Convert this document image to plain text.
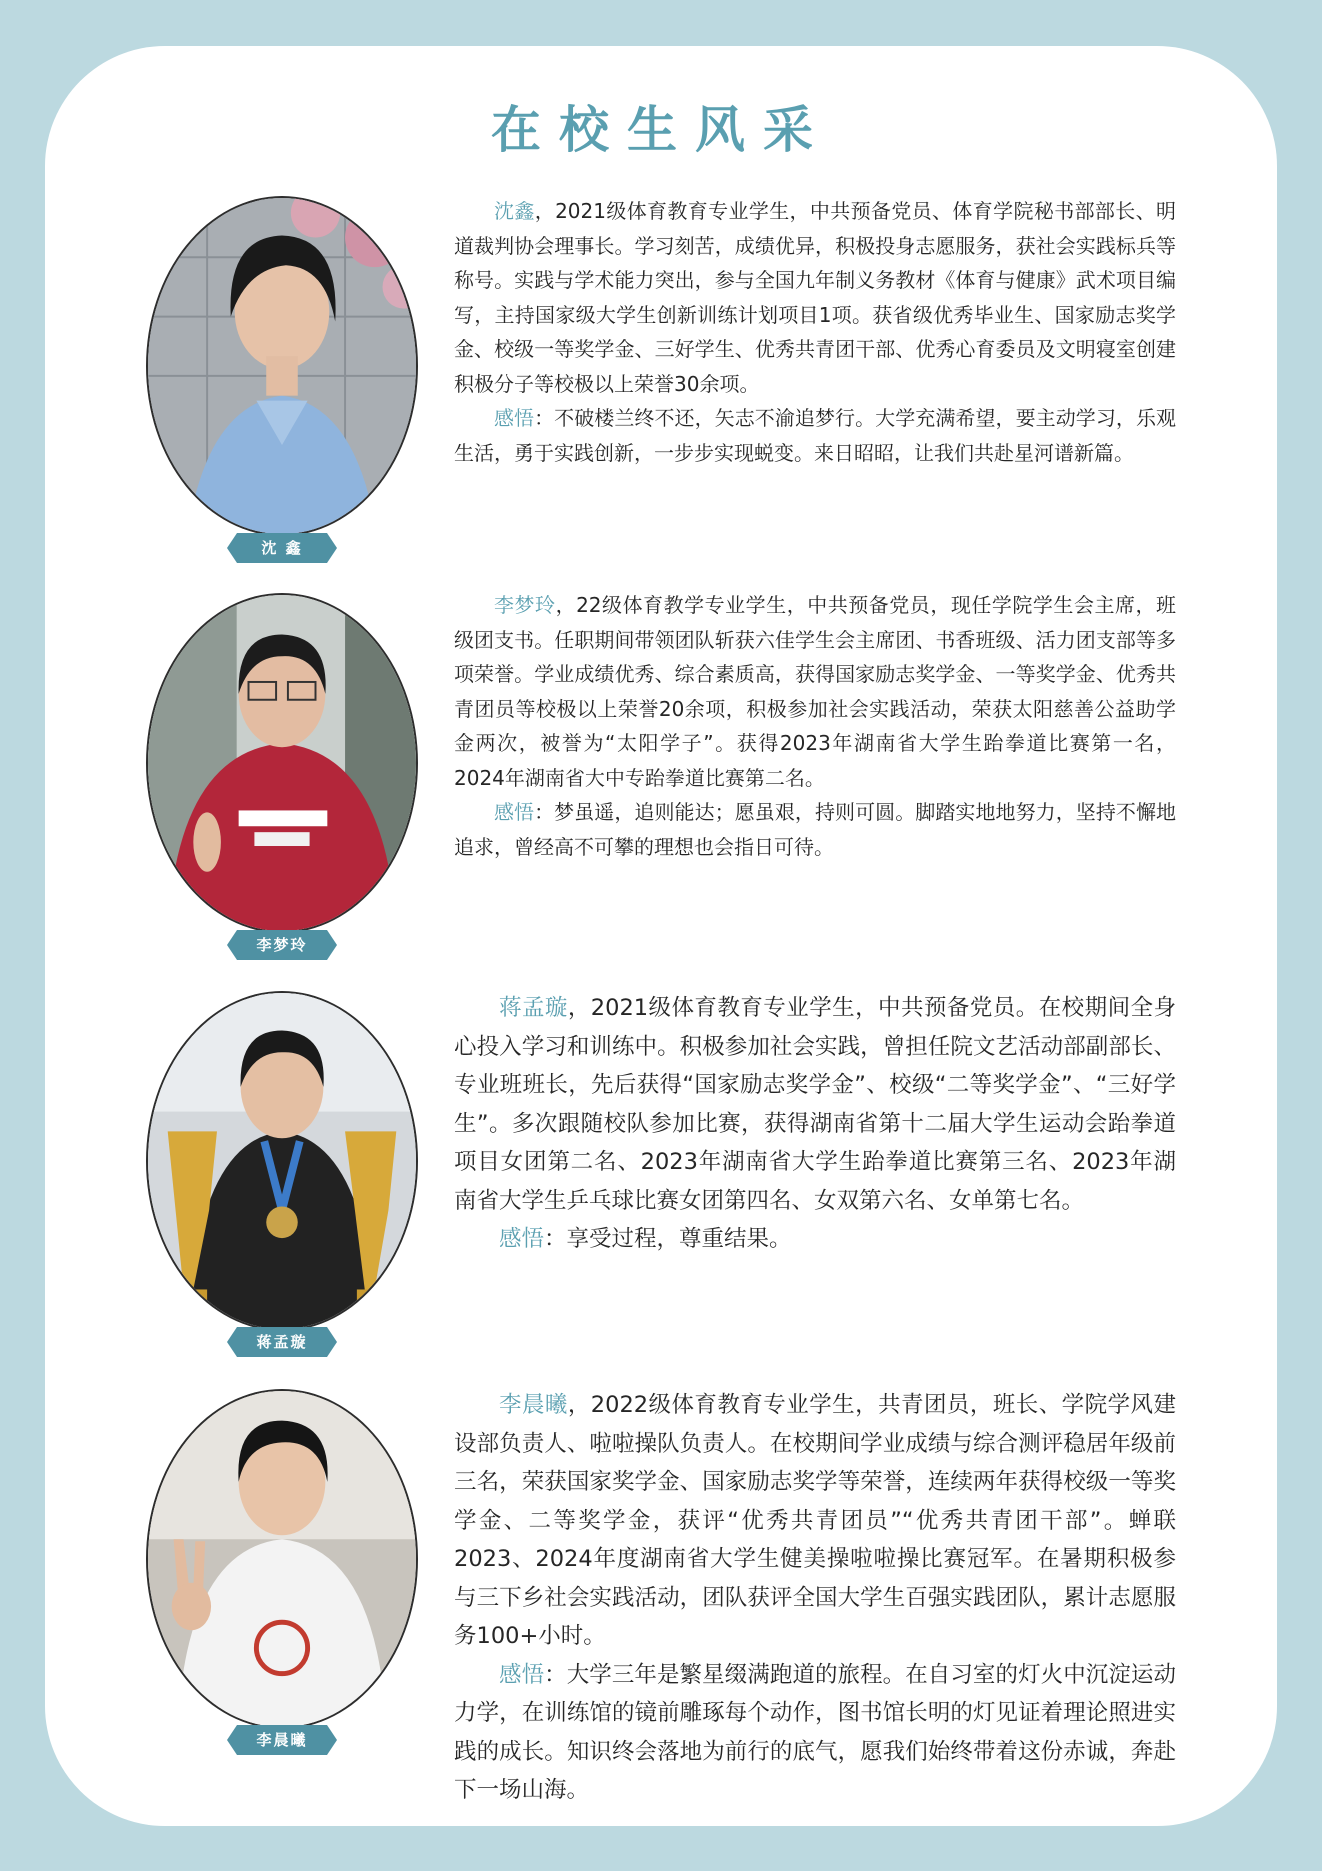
在校生风采
沈 鑫

沈鑫，2021级体育教育专业学生，中共预备党员、体育学院秘书部部长、明道裁判协会理事长。学习刻苦，成绩优异，积极投身志愿服务，获社会实践标兵等称号。实践与学术能力突出，参与全国九年制义务教材《体育与健康》武术项目编写，主持国家级大学生创新训练计划项目1项。获省级优秀毕业生、国家励志奖学金、校级一等奖学金、三好学生、优秀共青团干部、优秀心育委员及文明寝室创建积极分子等校极以上荣誉30余项。

感悟：不破楼兰终不还，矢志不渝追梦行。大学充满希望，要主动学习，乐观生活，勇于实践创新，一步步实现蜕变。来日昭昭，让我们共赴星河谱新篇。

李梦玲

李梦玲，22级体育教学专业学生，中共预备党员，现任学院学生会主席，班级团支书。任职期间带领团队斩获六佳学生会主席团、书香班级、活力团支部等多项荣誉。学业成绩优秀、综合素质高，获得国家励志奖学金、一等奖学金、优秀共青团员等校极以上荣誉20余项，积极参加社会实践活动，荣获太阳慈善公益助学金两次，被誉为“太阳学子”。获得2023年湖南省大学生跆拳道比赛第一名，2024年湖南省大中专跆拳道比赛第二名。

感悟：梦虽遥，追则能达；愿虽艰，持则可圆。脚踏实地地努力，坚持不懈地追求，曾经高不可攀的理想也会指日可待。

蒋孟璇

蒋孟璇，2021级体育教育专业学生，中共预备党员。在校期间全身心投入学习和训练中。积极参加社会实践，曾担任院文艺活动部副部长、专业班班长，先后获得“国家励志奖学金”、校级“二等奖学金”、“三好学生”。多次跟随校队参加比赛，获得湖南省第十二届大学生运动会跆拳道项目女团第二名、2023年湖南省大学生跆拳道比赛第三名、2023年湖南省大学生乒乓球比赛女团第四名、女双第六名、女单第七名。

感悟：享受过程，尊重结果。

李晨曦

李晨曦，2022级体育教育专业学生，共青团员，班长、学院学风建设部负责人、啦啦操队负责人。在校期间学业成绩与综合测评稳居年级前三名，荣获国家奖学金、国家励志奖学等荣誉，连续两年获得校级一等奖学金、二等奖学金，获评“优秀共青团员”“优秀共青团干部”。蝉联2023、2024年度湖南省大学生健美操啦啦操比赛冠军。在暑期积极参与三下乡社会实践活动，团队获评全国大学生百强实践团队，累计志愿服务100+小时。

感悟：大学三年是繁星缀满跑道的旅程。在自习室的灯火中沉淀运动力学，在训练馆的镜前雕琢每个动作，图书馆长明的灯见证着理论照进实践的成长。知识终会落地为前行的底气，愿我们始终带着这份赤诚，奔赴下一场山海。
